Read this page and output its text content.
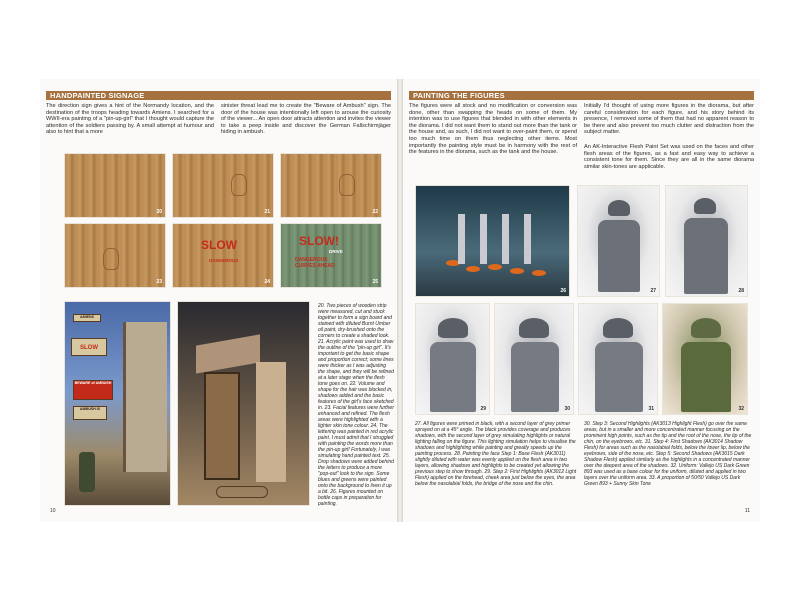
HANDPAINTED SIGNAGE
The direction sign gives a hint of the Normandy location, and the destination of the troops heading towards Amiens. I searched for a WWII-era painting of a "pin-up-girl" that I thought would capture the attention of the soldiers passing by. A small attempt at humour and also to hint that a more
sinister threat lead me to create the "Beware of Ambush" sign. The door of the house was intentionally left open to arouse the curiosity of the viewer... An open door attracts attention and invites the viewer to take a peep inside and discover the German Fallschirmjäger hiding in ambush.
20	21	22
23
SLOW
DANGEROUS
24
SLOW!
DRIVE
DANGEROUS CURVES AHEAD
25
AMIENS
SLOW
BEWARE of AMBUSH
AMBUSH IS
20. Two pieces of wooden strip were measured, cut and stuck together to form a sign board and stained with diluted Burnt Umber oil paint, dry-brushed onto the corners to create a shaded look. 21. Acrylic paint was used to draw the outline of the "pin-up girl". It's important to get the basic shape and proportion correct; some lines were thicker as I was adjusting the shape, and they will be refined at a later stage when the flesh tone goes on. 22. Volume and shape for the hair was blocked in, shadows added and the basic features of the girl's face sketched in. 23. Facial features were further enhanced and refined. The flesh areas were highlighted with a lighter skin tone colour. 24. The lettering was painted in red acrylic paint. I must admit that I struggled with painting the words more than the pin-up girl! Fortunately, I was simulating hand painted text. 25. Drop shadows were added behind the letters to produce a more "pop-out" look to the sign. Some blues and greens were painted onto the background to liven it up a bit. 26. Figures mounted on bottle caps in preparation for painting.
10
PAINTING THE FIGURES
The figures were all stock and no modification or conversion was done, other than swapping the heads on some of them. My intention was to use figures that blended in with other elements in the diorama. I did not want them to stand out more than the tank or the house and, as such, I did not want to over-paint them, or spend too much time on them thus neglecting other items. Most importantly the painting style must be in harmony with the rest of the features in the diorama, such as the tank and the house.
Initially I'd thought of using more figures in the diorama, but after careful consideration for each figure, and his story behind its presence, I removed some of them that had no apparent reason to be there and also prevent too much clutter and distraction from the subject matter.
An AK-Interactive Flesh Paint Set was used on the faces and other flesh areas of the figures, as a fast and easy way to achieve a consistent tone for them. Since they are all in the same diorama similar skin-tones are applicable.
26	27	28
29	30	31	32
27. All figures were primed in black, with a second layer of grey primer sprayed on at a 45° angle. The black provides coverage and produces shadows, with the second layer of grey simulating highlights or natural lighting falling on the figure. This lighting simulation helps to visualise the shadows and highlighting while painting and greatly speeds up the painting process. 28. Painting the face Step 1: Base Flesh (AK3011) slightly diluted with water was evenly applied on the flesh area in two layers, allowing shadows and highlights to be created yet allowing the previous step to show through. 29. Step 2: First Highlights (AK3012 Light Flesh) applied on the forehead, cheek area just below the eyes, the area below the nasolabial folds, the bridge of the nose and the chin.
30. Step 3: Second Highlights (AK3013 Highlight Flesh) go over the same areas, but in a smaller and more concentrated manner focusing on the prominent high points, such as the tip and the root of the nose, the tip of the chin, on the eyebrows, etc. 31. Step 4: First Shadows (AK3014 Shadow Flesh) for areas such as the nasolabial folds, below the lower lip, below the eyebrows, side of the nose, etc. Step 5: Second Shadows (AK3015 Dark Shadow Flesh) applied similarly as the highlights in a concentrated manner over the deepest area of the shadows. 32. Uniform: Vallejo US Dark Green 893 was used as a base colour for the uniform, diluted and applied in two layers over the uniform area. 33. A proportion of 50/50 Vallejo US Dark Green 893 + Sunny Skin Tone
11
